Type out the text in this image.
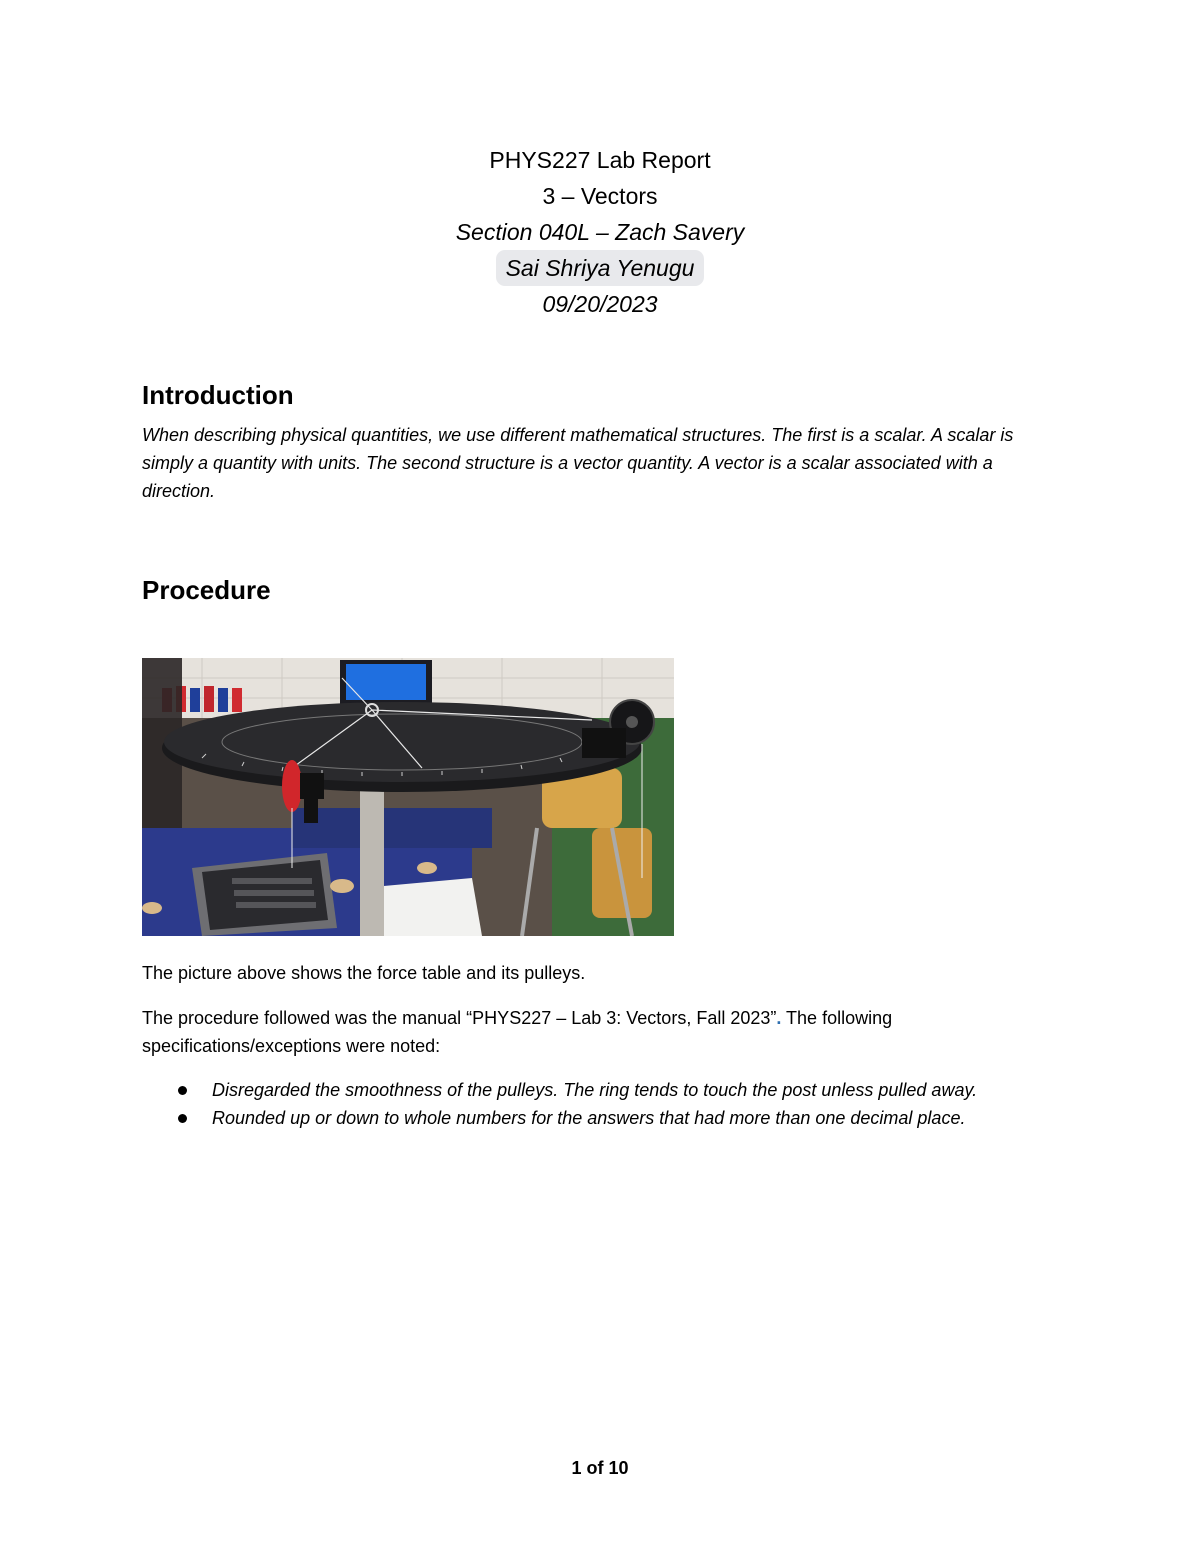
PHYS227 Lab Report
3 – Vectors
Section 040L – Zach Savery
Sai Shriya Yenugu
09/20/2023
Introduction
When describing physical quantities, we use different mathematical structures. The first is a scalar. A scalar is simply a quantity with units. The second structure is a vector quantity. A vector is a scalar associated with a direction.
Procedure
The picture above shows the force table and its pulleys.
The procedure followed was the manual “PHYS227 – Lab 3: Vectors, Fall 2023”. The following specifications/exceptions were noted:
Disregarded the smoothness of the pulleys. The ring tends to touch the post unless pulled away.
Rounded up or down to whole numbers for the answers that had more than one decimal place.
1 of 10
